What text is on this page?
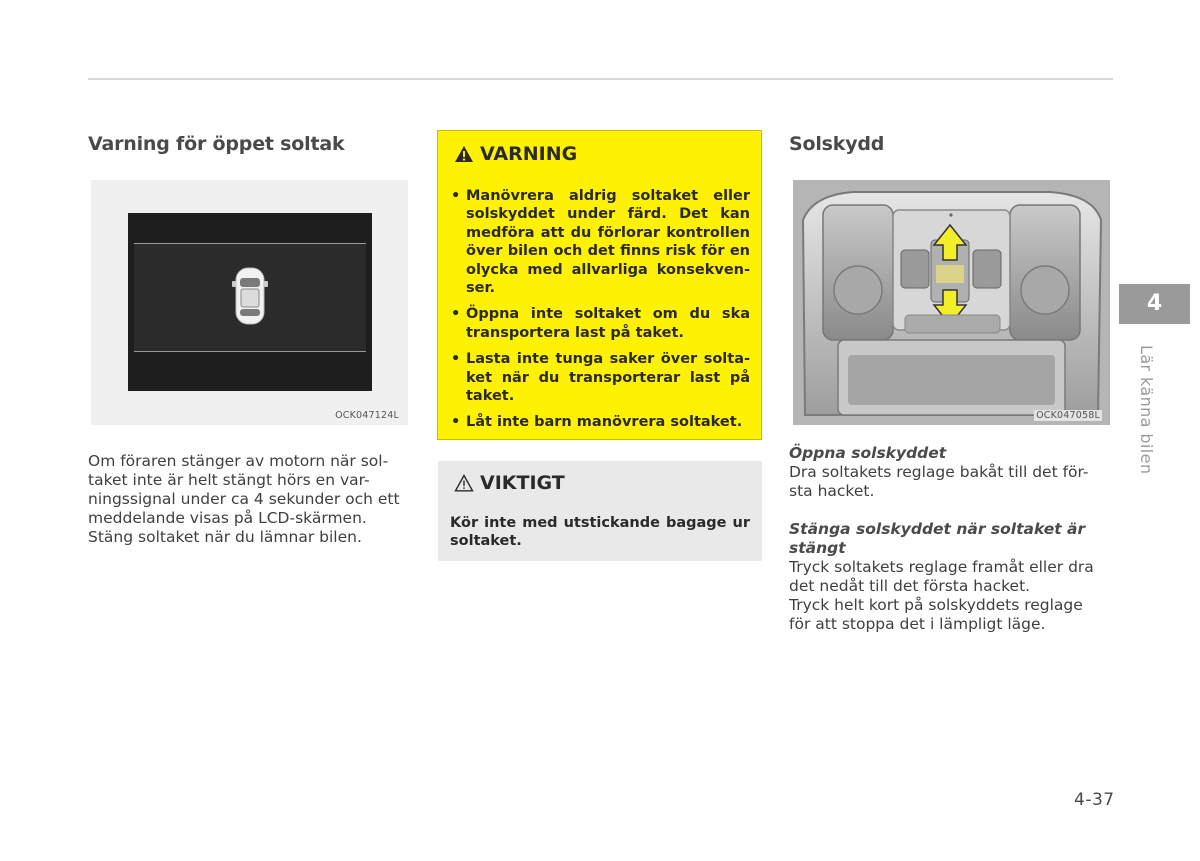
Varning för öppet soltak
OCK047124L

Om föraren stänger av motorn när sol-

taket inte är helt stängt hörs en var-

ningssignal under ca 4 sekunder och ett

meddelande visas på LCD-skärmen.

Stäng soltaket när du lämnar bilen.

VARNING
• Manövrera aldrig soltaket eller solskyddet under färd. Det kan medföra att du förlorar kontrollen över bilen och det finns risk för en olycka med allvarliga konsekven-ser.
• Öppna inte soltaket om du ska transportera last på taket.
• Lasta inte tunga saker över solta-ket när du transporterar last på taket.
• Låt inte barn manövrera soltaket.
VIKTIGT

Kör inte med utstickande bagage ur soltaket.

Solskydd
OCK047058L
Öppna solskyddet

Dra soltakets reglage bakåt till det för-

sta hacket.

Stänga solskyddet när soltaket är
stängt

Tryck soltakets reglage framåt eller dra

det nedåt till det första hacket.

Tryck helt kort på solskyddets reglage

för att stoppa det i lämpligt läge.

4
Lär känna bilen
4-37
